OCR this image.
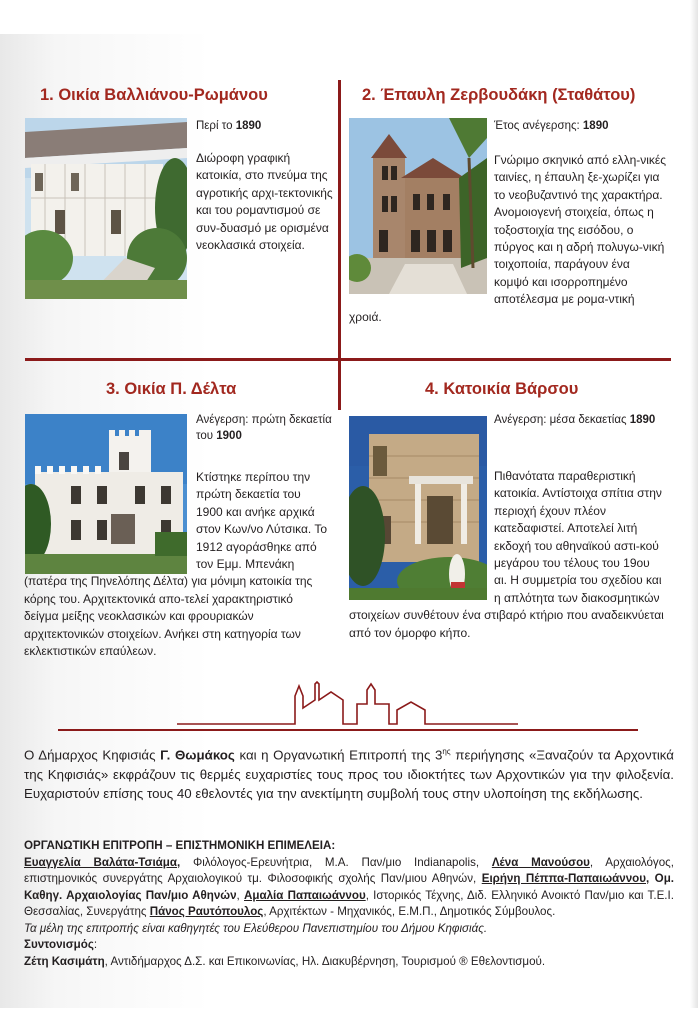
1. Οικία Βαλλιάνου-Ρωμάνου
Περί το 1890
Διώροφη γραφική κατοικία, στο πνεύμα της αγροτικής αρχι-τεκτονικής και του ρομαντισμού σε συν-δυασμό με ορισμένα νεοκλασικά στοιχεία.
2. Έπαυλη Ζερβουδάκη (Σταθάτου)
Έτος ανέγερσης: 1890
Γνώριμο σκηνικό από ελλη-νικές ταινίες, η έπαυλη ξε-χωρίζει για το νεοβυζαντινό της χαρακτήρα. Ανομοιογενή στοιχεία, όπως η τοξοστοιχία της εισόδου, ο πύργος και η αδρή πολυγω-νική τοιχοποιία, παράγουν ένα κομψό και ισορροπημένο αποτέλεσμα με ρομα-ντική χροιά.
3. Οικία Π. Δέλτα
Ανέγερση: πρώτη δεκαετία του 1900
Κτίστηκε περίπου την πρώτη δεκαετία του 1900 και ανήκε αρχικά στον Κων/νο Λύτσικα. Το 1912 αγοράσθηκε από τον Εμμ. Μπενάκη (πατέρα της Πηνελόπης Δέλτα) για μόνιμη κατοικία της κόρης του. Αρχιτεκτονικά απο-τελεί χαρακτηριστικό δείγμα μείξης νεοκλασικών και φρουριακών αρχιτεκτονικών στοιχείων. Ανήκει στη κατηγορία των εκλεκτιστικών επαύλεων.
4. Κατοικία Βάρσου
Ανέγερση: μέσα δεκαετίας 1890
Πιθανότατα παραθεριστική κατοικία. Αντίστοιχα σπίτια στην περιοχή έχουν πλέον κατεδαφιστεί. Αποτελεί λιτή εκδοχή του αθηναϊκού αστι-κού μεγάρου του τέλους του 19ου αι. Η συμμετρία του σχεδίου και η απλότητα των διακοσμητικών στοιχείων συνθέτουν ένα στιβαρό κτήριο που αναδεικνύεται από τον όμορφο κήπο.
Ο Δήμαρχος Κηφισιάς Γ. Θωμάκος και η Οργανωτική Επιτροπή της $3^{\eta\varsigma}$ περιήγησης «Ξαναζούν τα Αρχοντικά της Κηφισιάς» εκφράζουν τις θερμές ευχαριστίες τους προς του ιδιοκτήτες των Αρχοντικών για την φιλοξενία. Ευχαριστούν επίσης τους 40 εθελοντές για την ανεκτίμητη συμβολή τους στην υλοποίηση της εκδήλωσης.
ΟΡΓΑΝΩΤΙΚΗ ΕΠΙΤΡΟΠΗ – ΕΠΙΣΤΗΜΟΝΙΚΗ ΕΠΙΜΕΛΕΙΑ:
Ευαγγελία Βαλάτα-Τσιάμα, Φιλόλογος-Ερευνήτρια, M.A. Παν/μιο Indianapolis, Λένα Μανούσου, Αρχαιολόγος, επιστημονικός συνεργάτης Αρχαιολογικού τμ. Φιλοσοφικής σχολής Παν/μιου Αθηνών, Ειρήνη Πέππα-Παπαιωάννου, Ομ. Καθηγ. Αρχαιολογίας Παν/μιο Αθηνών, Αμαλία Παπαιωάννου, Ιστορικός Τέχνης, Διδ. Ελληνικό Ανοικτό Παν/μιο και Τ.Ε.Ι. Θεσσαλίας, Συνεργάτης Πάνος Ραυτόπουλος, Αρχιτέκτων - Μηχανικός, Ε.Μ.Π., Δημοτικός Σύμβουλος.
Τα μέλη της επιτροπής είναι καθηγητές του Ελεύθερου Πανεπιστημίου του Δήμου Κηφισιάς.
Συντονισμός:
Ζέτη Κασιμάτη, Αντιδήμαρχος Δ.Σ. και Επικοινωνίας, Ηλ. Διακυβέρνηση, Τουρισμού ® Εθελοντισμού.
